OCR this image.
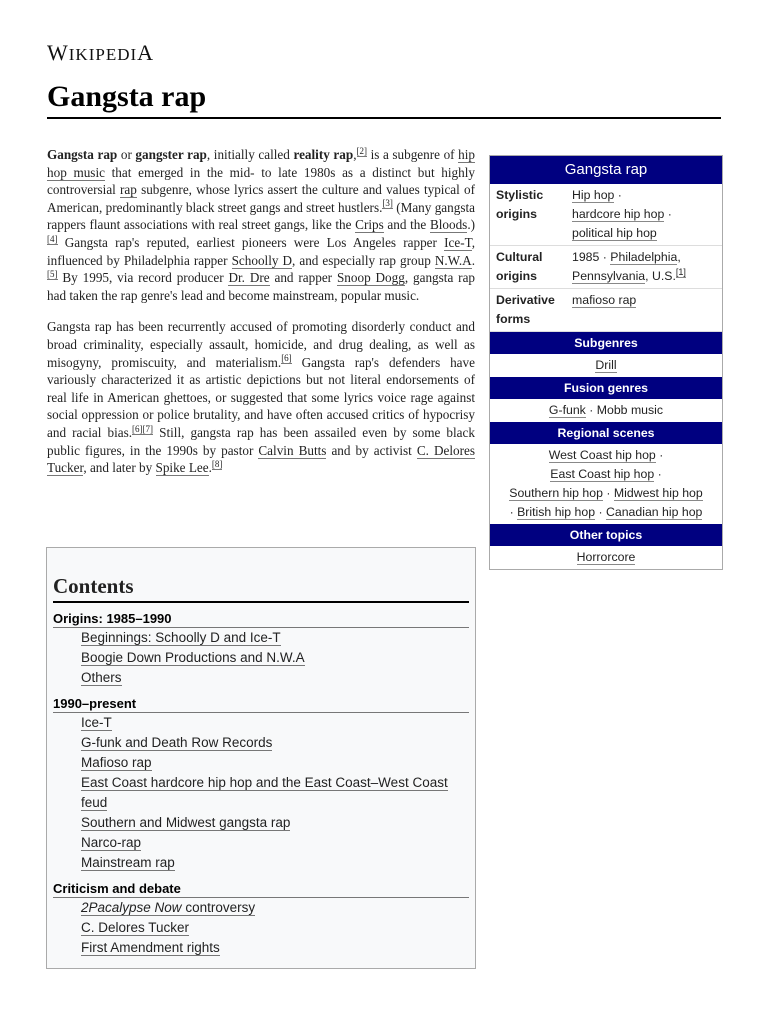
WIKIPEDIA
Gangsta rap

Gangsta rap or gangster rap, initially called reality rap,[2] is a subgenre of hip hop music that emerged in the mid- to late 1980s as a distinct but highly controversial rap subgenre, whose lyrics assert the culture and values typical of American, predominantly black street gangs and street hustlers.[3] (Many gangsta rappers flaunt associations with real street gangs, like the Crips and the Bloods.)[4] Gangsta rap's reputed, earliest pioneers were Los Angeles rapper Ice-T, influenced by Philadelphia rapper Schoolly D, and especially rap group N.W.A.[5] By 1995, via record producer Dr. Dre and rapper Snoop Dogg, gangsta rap had taken the rap genre's lead and become mainstream, popular music.

Gangsta rap has been recurrently accused of promoting disorderly conduct and broad criminality, especially assault, homicide, and drug dealing, as well as misogyny, promiscuity, and materialism.[6] Gangsta rap's defenders have variously characterized it as artistic depictions but not literal endorsements of real life in American ghettoes, or suggested that some lyrics voice rage against social oppression or police brutality, and have often accused critics of hypocrisy and racial bias.[6][7] Still, gangsta rap has been assailed even by some black public figures, in the 1990s by pastor Calvin Butts and by activist C. Delores Tucker, and later by Spike Lee.[8]

Contents
Origins: 1985–1990
Beginnings: Schoolly D and Ice-T
Boogie Down Productions and N.W.A
Others
1990–present
Ice-T
G-funk and Death Row Records
Mafioso rap
East Coast hardcore hip hop and the East Coast–West Coast feud
Southern and Midwest gangsta rap
Narco-rap
Mainstream rap
Criticism and debate
2Pacalypse Now controversy
C. Delores Tucker
First Amendment rights
Gangsta rap
Stylistic origins
Hip hop ·
hardcore hip hop ·
political hip hop
Cultural origins
1985 · Philadelphia,
Pennsylvania, U.S.[1]
Derivative forms
mafioso rap
Subgenres
Drill
Fusion genres
G-funk · Mobb music
Regional scenes
West Coast hip hop ·
East Coast hip hop ·
Southern hip hop · Midwest hip hop
· British hip hop · Canadian hip hop
Other topics
Horrorcore
